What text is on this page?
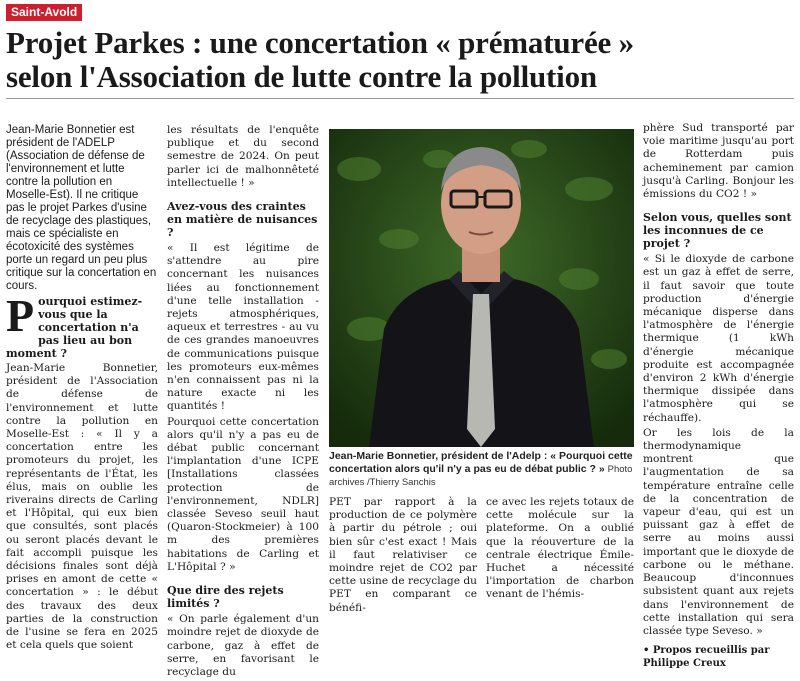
Saint-Avold
Projet Parkes : une concertation « prématurée »
selon l'Association de lutte contre la pollution

Jean-Marie Bonnetier est président de l'ADELP (Association de défense de l'environnement et lutte contre la pollution en Moselle-Est). Il ne critique pas le projet Parkes d'usine de recyclage des plastiques, mais ce spécialiste en écotoxicité des systèmes porte un regard un peu plus critique sur la concertation en cours.

Pourquoi estimez-vous que la concertation n'a pas lieu au bon moment ?

Jean-Marie Bonnetier, président de l'Association de défense de l'environnement et lutte contre la pollution en Moselle-Est : « Il y a concertation entre les promoteurs du projet, les représentants de l'État, les élus, mais on oublie les riverains directs de Carling et l'Hôpital, qui eux bien que consultés, sont placés ou seront placés devant le fait accompli puisque les décisions finales sont déjà prises en amont de cette « concertation » : le début des travaux des deux parties de la construction de l'usine se fera en 2025 et cela quels que soient

les résultats de l'enquête publique et du second semestre de 2024. On peut parler ici de malhonnêteté intellectuelle ! »

Avez-vous des craintes en matière de nuisances ?

« Il est légitime de s'attendre au pire concernant les nuisances liées au fonctionnement d'une telle installation - rejets atmosphériques, aqueux et terrestres - au vu de ces grandes manoeuvres de communications puisque les promoteurs eux-mêmes n'en connaissent pas ni la nature exacte ni les quantités !

Pourquoi cette concertation alors qu'il n'y a pas eu de débat public concernant l'implantation d'une ICPE [Installations classées protection de l'environnement, NDLR] classée Seveso seuil haut (Quaron-Stockmeier) à 100 m des premières habitations de Carling et L'Hôpital ? »

Que dire des rejets limités ?

« On parle également d'un moindre rejet de dioxyde de carbone, gaz à effet de serre, en favorisant le recyclage du

Jean-Marie Bonnetier, président de l'Adelp : « Pourquoi cette concertation alors qu'il n'y a pas eu de débat public ? » Photo archives /Thierry Sanchis
PET par rapport à la production de ce polymère à partir du pétrole ; oui bien sûr c'est exact ! Mais il faut relativiser ce moindre rejet de CO2 par cette usine de recyclage du PET en comparant ce bénéfi-
ce avec les rejets totaux de cette molécule sur la plateforme. On a oublié que la réouverture de la centrale électrique Émile-Huchet a nécessité l'importation de charbon venant de l'hémis-

phère Sud transporté par voie maritime jusqu'au port de Rotterdam puis acheminement par camion jusqu'à Carling. Bonjour les émissions du CO2 ! »

Selon vous, quelles sont les inconnues de ce projet ?

« Si le dioxyde de carbone est un gaz à effet de serre, il faut savoir que toute production d'énergie mécanique disperse dans l'atmosphère de l'énergie thermique (1 kWh d'énergie mécanique produite est accompagnée d'environ 2 kWh d'énergie thermique dissipée dans l'atmosphère qui se réchauffe).

Or les lois de la thermodynamique montrent que l'augmentation de sa température entraîne celle de la concentration de vapeur d'eau, qui est un puissant gaz à effet de serre au moins aussi important que le dioxyde de carbone ou le méthane. Beaucoup d'inconnues subsistent quant aux rejets dans l'environnement de cette installation qui sera classée type Seveso. »

• Propos recueillis par Philippe Creux
